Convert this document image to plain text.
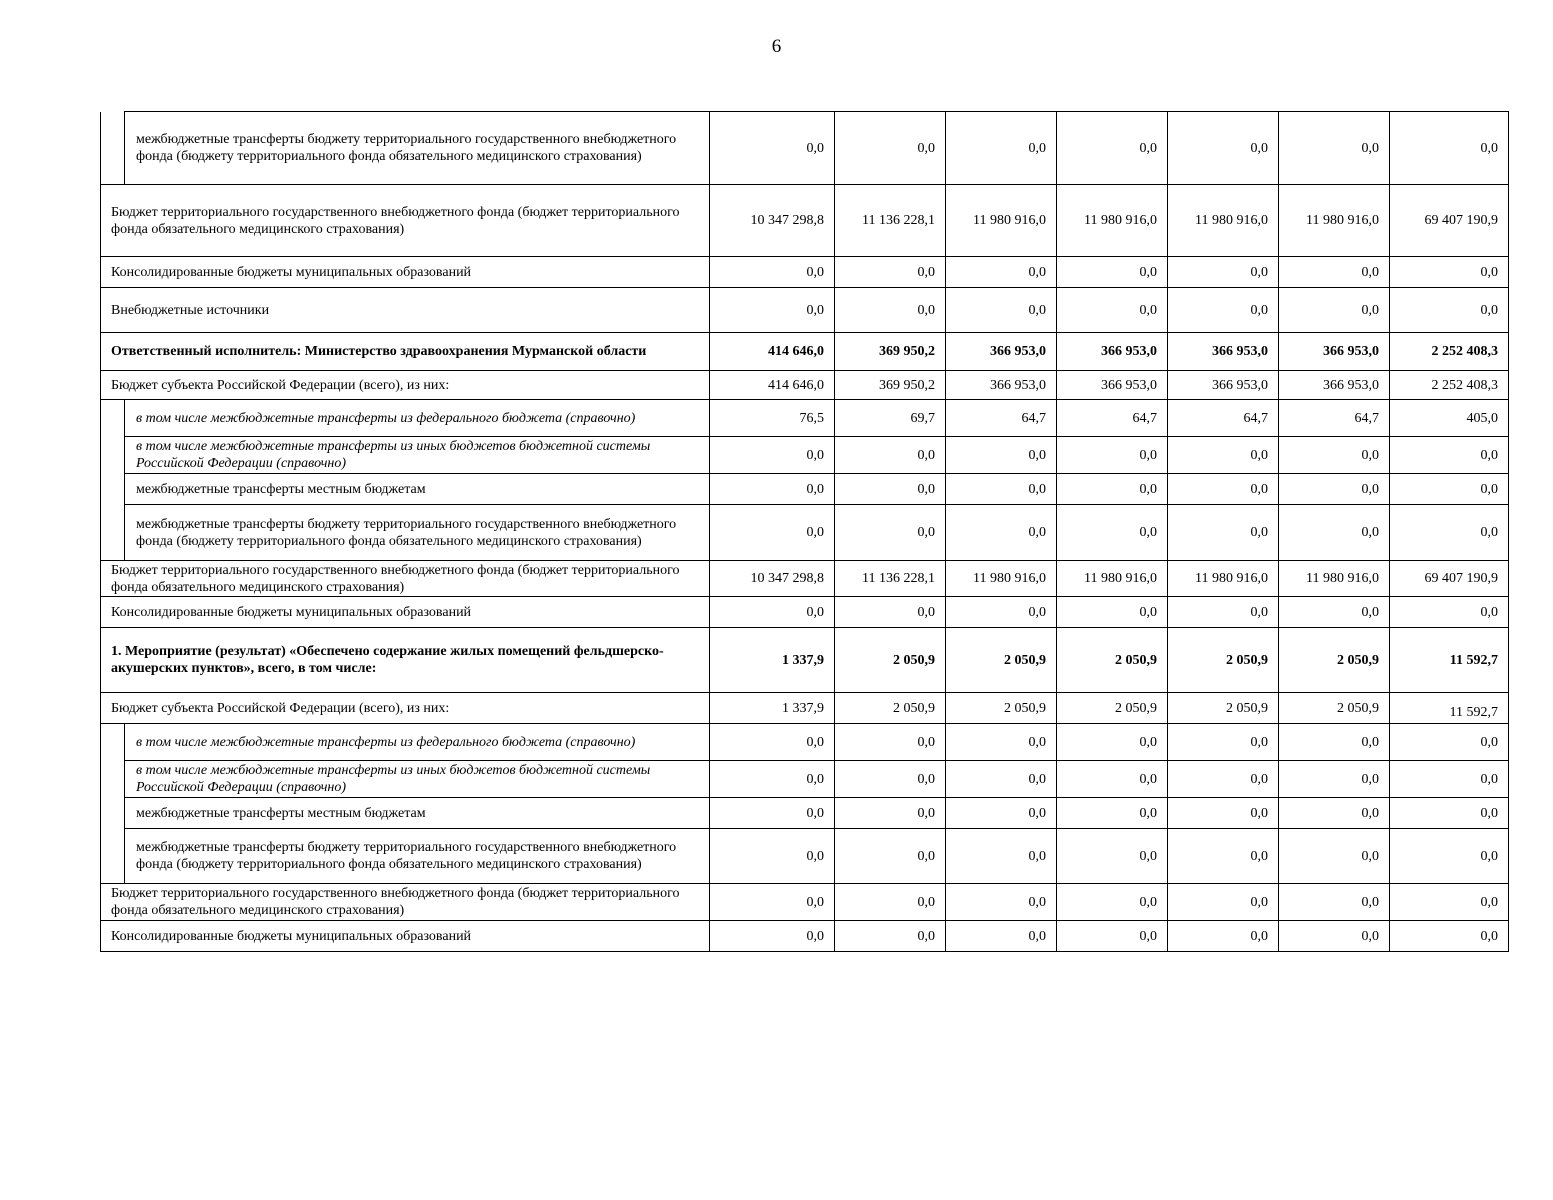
6
	межбюджетные трансферты бюджету территориального государственного внебюджетного фонда (бюджету территориального фонда обязательного медицинского страхования)	0,0	0,0	0,0	0,0	0,0	0,0	0,0
Бюджет территориального государственного внебюджетного фонда (бюджет территориального фонда обязательного медицинского страхования)		10 347 298,8	11 136 228,1	11 980 916,0	11 980 916,0	11 980 916,0	11 980 916,0	69 407 190,9
Консолидированные бюджеты муниципальных образований		0,0	0,0	0,0	0,0	0,0	0,0	0,0
Внебюджетные источники		0,0	0,0	0,0	0,0	0,0	0,0	0,0
Ответственный исполнитель: Министерство здравоохранения Мурманской области		414 646,0	369 950,2	366 953,0	366 953,0	366 953,0	366 953,0	2 252 408,3
Бюджет субъекта Российской Федерации (всего), из них:		414 646,0	369 950,2	366 953,0	366 953,0	366 953,0	366 953,0	2 252 408,3
	в том числе межбюджетные трансферты из федерального бюджета (справочно)	76,5	69,7	64,7	64,7	64,7	64,7	405,0
	в том числе межбюджетные трансферты из иных бюджетов бюджетной системы Российской Федерации (справочно)	0,0	0,0	0,0	0,0	0,0	0,0	0,0
	межбюджетные трансферты местным бюджетам	0,0	0,0	0,0	0,0	0,0	0,0	0,0
	межбюджетные трансферты бюджету территориального государственного внебюджетного фонда (бюджету территориального фонда обязательного медицинского страхования)	0,0	0,0	0,0	0,0	0,0	0,0	0,0
Бюджет территориального государственного внебюджетного фонда (бюджет территориального фонда обязательного медицинского страхования)		10 347 298,8	11 136 228,1	11 980 916,0	11 980 916,0	11 980 916,0	11 980 916,0	69 407 190,9
Консолидированные бюджеты муниципальных образований		0,0	0,0	0,0	0,0	0,0	0,0	0,0
1. Мероприятие (результат) «Обеспечено содержание жилых помещений фельдшерско-акушерских пунктов», всего, в том числе:		1 337,9	2 050,9	2 050,9	2 050,9	2 050,9	2 050,9	11 592,7
Бюджет субъекта Российской Федерации (всего), из них:		1 337,9	2 050,9	2 050,9	2 050,9	2 050,9	2 050,9	11 592,7
	в том числе межбюджетные трансферты из федерального бюджета (справочно)	0,0	0,0	0,0	0,0	0,0	0,0	0,0
	в том числе межбюджетные трансферты из иных бюджетов бюджетной системы Российской Федерации (справочно)	0,0	0,0	0,0	0,0	0,0	0,0	0,0
	межбюджетные трансферты местным бюджетам	0,0	0,0	0,0	0,0	0,0	0,0	0,0
	межбюджетные трансферты бюджету территориального государственного внебюджетного фонда (бюджету территориального фонда обязательного медицинского страхования)	0,0	0,0	0,0	0,0	0,0	0,0	0,0
Бюджет территориального государственного внебюджетного фонда (бюджет территориального фонда обязательного медицинского страхования)		0,0	0,0	0,0	0,0	0,0	0,0	0,0
Консолидированные бюджеты муниципальных образований		0,0	0,0	0,0	0,0	0,0	0,0	0,0
